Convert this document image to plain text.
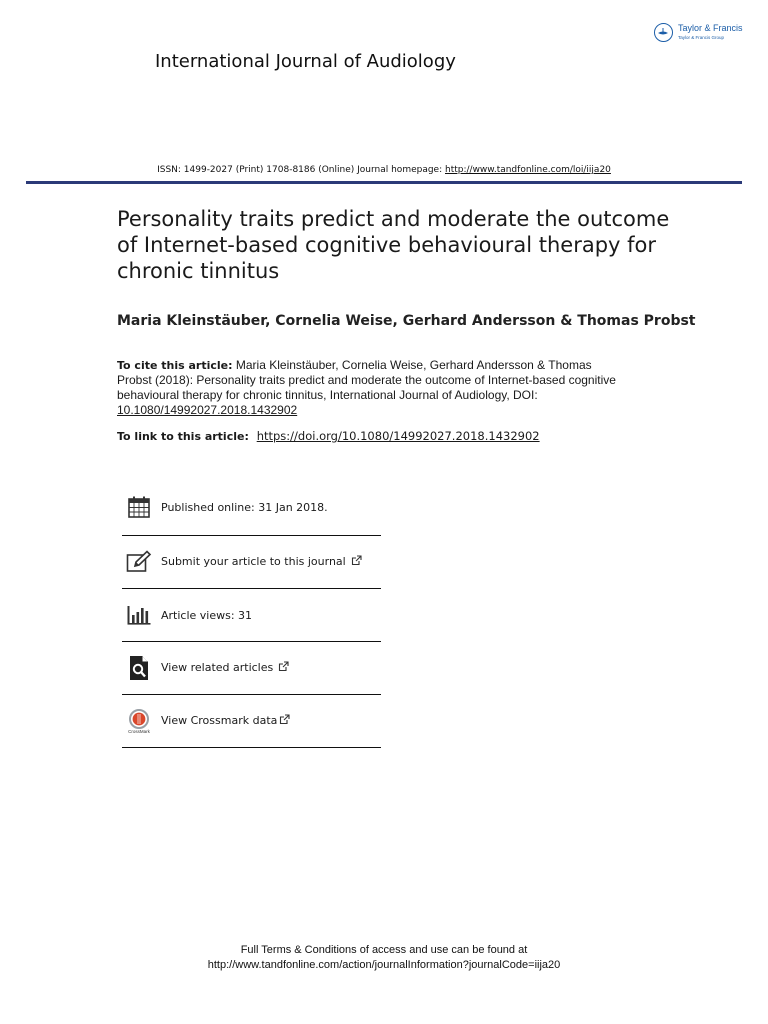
Taylor & Francis
Taylor & Francis Group
International Journal of Audiology
ISSN: 1499-2027 (Print) 1708-8186 (Online) Journal homepage: http://www.tandfonline.com/loi/iija20
Personality traits predict and moderate the outcome of Internet-based cognitive behavioural therapy for chronic tinnitus
Maria Kleinstäuber, Cornelia Weise, Gerhard Andersson & Thomas Probst
To cite this article: Maria Kleinstäuber, Cornelia Weise, Gerhard Andersson & Thomas Probst (2018): Personality traits predict and moderate the outcome of Internet-based cognitive behavioural therapy for chronic tinnitus, International Journal of Audiology, DOI: 10.1080/14992027.2018.1432902
To link to this article: https://doi.org/10.1080/14992027.2018.1432902
Published online: 31 Jan 2018.
Submit your article to this journal
Article views: 31
View related articles
CrossMark
View Crossmark data
Full Terms & Conditions of access and use can be found at
http://www.tandfonline.com/action/journalInformation?journalCode=iija20
